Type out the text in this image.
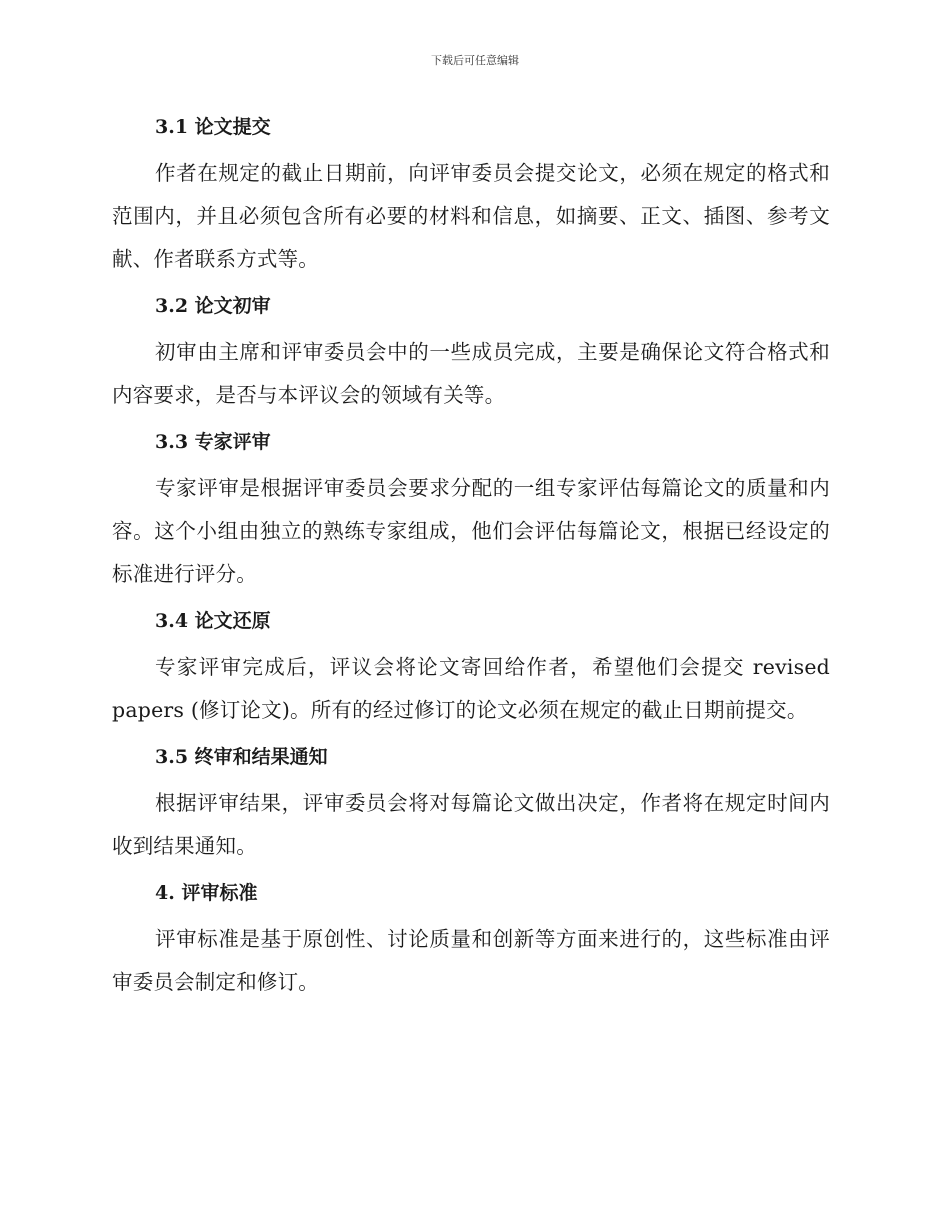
下载后可任意编辑
3.1 论文提交

作者在规定的截止日期前，向评审委员会提交论文，必须在规定的格式和范围内，并且必须包含所有必要的材料和信息，如摘要、正文、插图、参考文献、作者联系方式等。

3.2 论文初审

初审由主席和评审委员会中的一些成员完成，主要是确保论文符合格式和内容要求，是否与本评议会的领域有关等。

3.3 专家评审

专家评审是根据评审委员会要求分配的一组专家评估每篇论文的质量和内容。这个小组由独立的熟练专家组成，他们会评估每篇论文，根据已经设定的标准进行评分。

3.4 论文还原

专家评审完成后，评议会将论文寄回给作者，希望他们会提交 revised papers (修订论文)。所有的经过修订的论文必须在规定的截止日期前提交。

3.5 终审和结果通知

根据评审结果，评审委员会将对每篇论文做出决定，作者将在规定时间内收到结果通知。

4. 评审标准

评审标准是基于原创性、讨论质量和创新等方面来进行的，这些标准由评审委员会制定和修订。
